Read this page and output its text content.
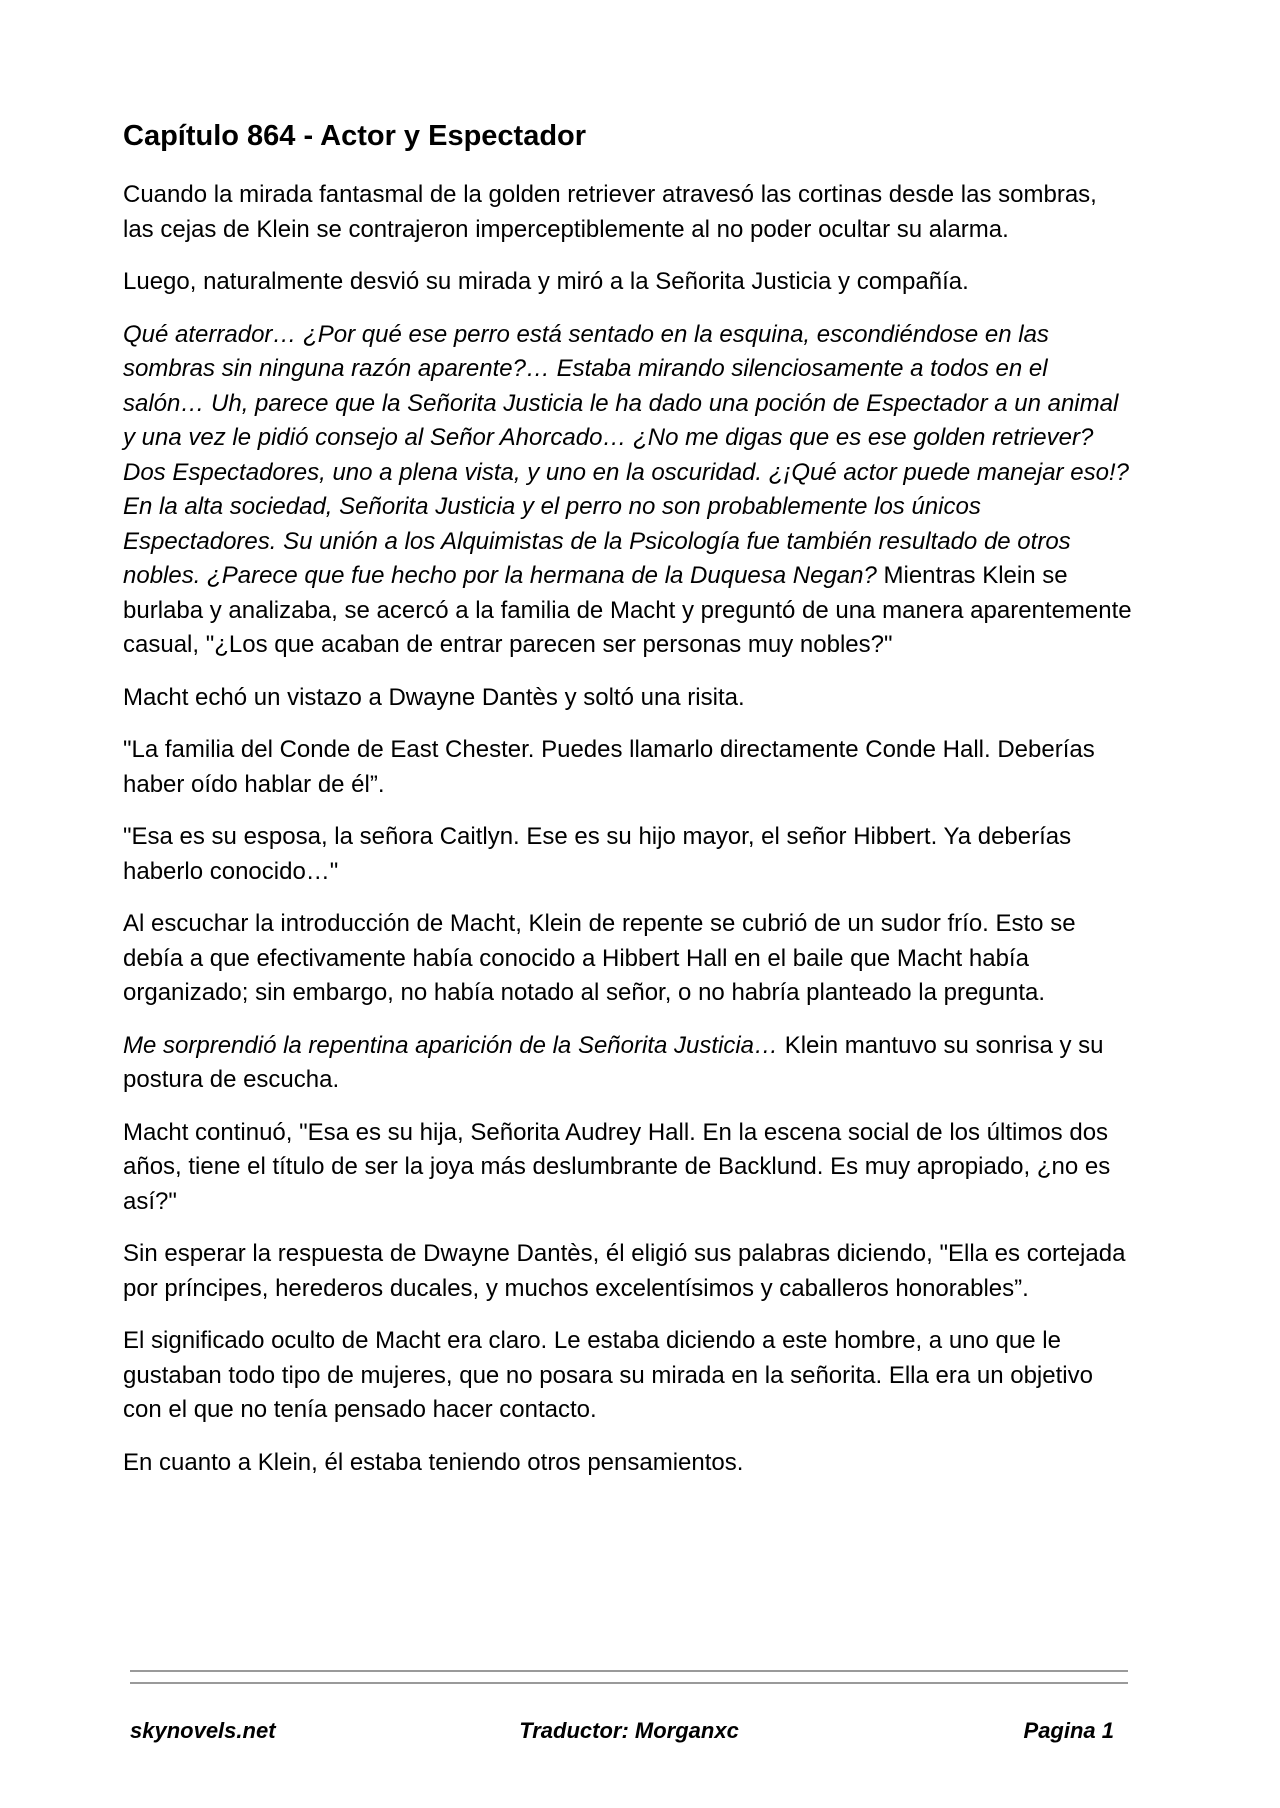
Capítulo 864 - Actor y Espectador

Cuando la mirada fantasmal de la golden retriever atravesó las cortinas desde las sombras, las cejas de Klein se contrajeron imperceptiblemente al no poder ocultar su alarma.

Luego, naturalmente desvió su mirada y miró a la Señorita Justicia y compañía.

Qué aterrador… ¿Por qué ese perro está sentado en la esquina, escondiéndose en las sombras sin ninguna razón aparente?… Estaba mirando silenciosamente a todos en el salón… Uh, parece que la Señorita Justicia le ha dado una poción de Espectador a un animal y una vez le pidió consejo al Señor Ahorcado… ¿No me digas que es ese golden retriever? Dos Espectadores, uno a plena vista, y uno en la oscuridad. ¿¡Qué actor puede manejar eso!? En la alta sociedad, Señorita Justicia y el perro no son probablemente los únicos Espectadores. Su unión a los Alquimistas de la Psicología fue también resultado de otros nobles. ¿Parece que fue hecho por la hermana de la Duquesa Negan? Mientras Klein se burlaba y analizaba, se acercó a la familia de Macht y preguntó de una manera aparentemente casual, "¿Los que acaban de entrar parecen ser personas muy nobles?"

Macht echó un vistazo a Dwayne Dantès y soltó una risita.

"La familia del Conde de East Chester. Puedes llamarlo directamente Conde Hall. Deberías haber oído hablar de él”.

"Esa es su esposa, la señora Caitlyn. Ese es su hijo mayor, el señor Hibbert. Ya deberías haberlo conocido…"

Al escuchar la introducción de Macht, Klein de repente se cubrió de un sudor frío. Esto se debía a que efectivamente había conocido a Hibbert Hall en el baile que Macht había organizado; sin embargo, no había notado al señor, o no habría planteado la pregunta.

Me sorprendió la repentina aparición de la Señorita Justicia… Klein mantuvo su sonrisa y su postura de escucha.

Macht continuó, "Esa es su hija, Señorita Audrey Hall. En la escena social de los últimos dos años, tiene el título de ser la joya más deslumbrante de Backlund. Es muy apropiado, ¿no es así?"

Sin esperar la respuesta de Dwayne Dantès, él eligió sus palabras diciendo, "Ella es cortejada por príncipes, herederos ducales, y muchos excelentísimos y caballeros honorables”.

El significado oculto de Macht era claro. Le estaba diciendo a este hombre, a uno que le gustaban todo tipo de mujeres, que no posara su mirada en la señorita. Ella era un objetivo con el que no tenía pensado hacer contacto.

En cuanto a Klein, él estaba teniendo otros pensamientos.

skynovels.net	Traductor: Morganxc	Pagina 1
